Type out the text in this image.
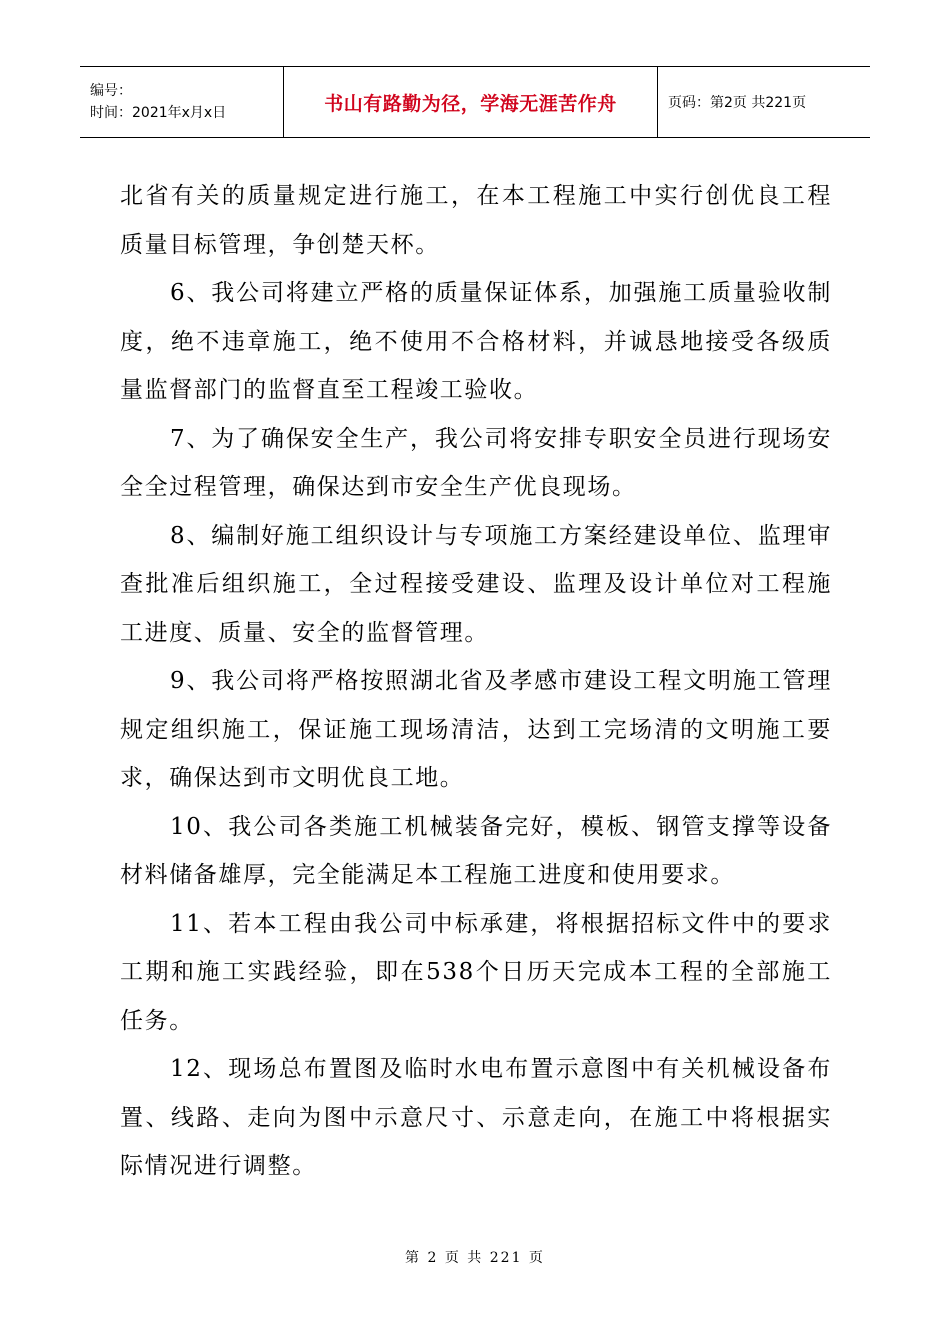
编号：
时间：2021年x月x日	书山有路勤为径，学海无涯苦作舟	页码：第2页 共221页

北省有关的质量规定进行施工，在本工程施工中实行创优良工程质量目标管理，争创楚天杯。

6、我公司将建立严格的质量保证体系，加强施工质量验收制度，绝不违章施工，绝不使用不合格材料，并诚恳地接受各级质量监督部门的监督直至工程竣工验收。

7、为了确保安全生产，我公司将安排专职安全员进行现场安全全过程管理，确保达到市安全生产优良现场。

8、编制好施工组织设计与专项施工方案经建设单位、监理审查批准后组织施工，全过程接受建设、监理及设计单位对工程施工进度、质量、安全的监督管理。

9、我公司将严格按照湖北省及孝感市建设工程文明施工管理规定组织施工，保证施工现场清洁，达到工完场清的文明施工要求，确保达到市文明优良工地。

10、我公司各类施工机械装备完好，模板、钢管支撑等设备材料储备雄厚，完全能满足本工程施工进度和使用要求。

11、若本工程由我公司中标承建，将根据招标文件中的要求工期和施工实践经验，即在538个日历天完成本工程的全部施工任务。

12、现场总布置图及临时水电布置示意图中有关机械设备布置、线路、走向为图中示意尺寸、示意走向，在施工中将根据实际情况进行调整。

第 2 页 共 221 页
